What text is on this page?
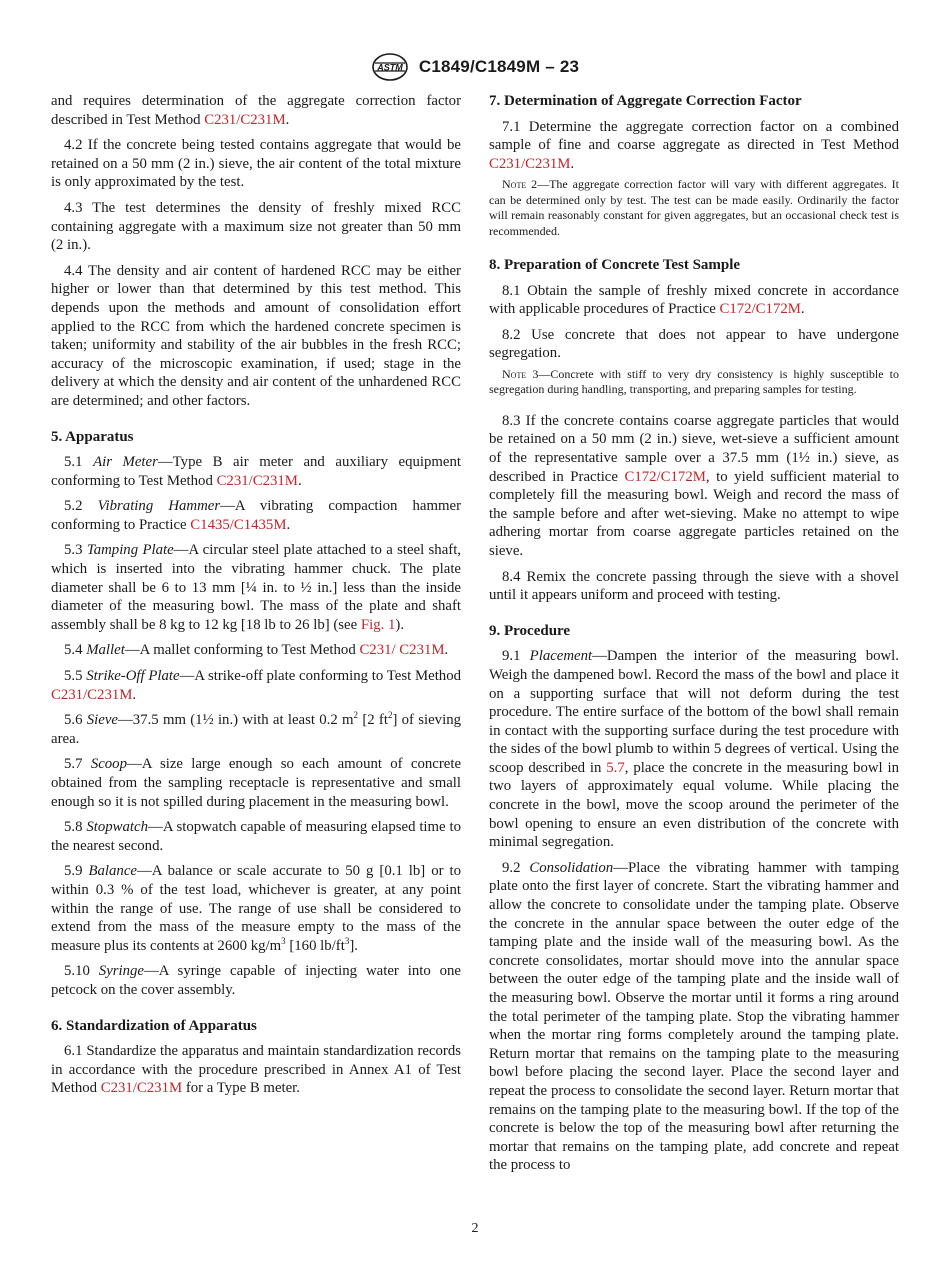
ASTM C1849/C1849M – 23

and requires determination of the aggregate correction factor described in Test Method C231/C231M.

4.2 If the concrete being tested contains aggregate that would be retained on a 50 mm (2 in.) sieve, the air content of the total mixture is only approximated by the test.

4.3 The test determines the density of freshly mixed RCC containing aggregate with a maximum size not greater than 50 mm (2 in.).

4.4 The density and air content of hardened RCC may be either higher or lower than that determined by this test method. This depends upon the methods and amount of consolidation effort applied to the RCC from which the hardened concrete specimen is taken; uniformity and stability of the air bubbles in the fresh RCC; accuracy of the microscopic examination, if used; stage in the delivery at which the density and air content of the unhardened RCC are determined; and other factors.

5. Apparatus

5.1 Air Meter—Type B air meter and auxiliary equipment conforming to Test Method C231/C231M.

5.2 Vibrating Hammer—A vibrating compaction hammer conforming to Practice C1435/C1435M.

5.3 Tamping Plate—A circular steel plate attached to a steel shaft, which is inserted into the vibrating hammer chuck. The plate diameter shall be 6 to 13 mm [¼ in. to ½ in.] less than the inside diameter of the measuring bowl. The mass of the plate and shaft assembly shall be 8 kg to 12 kg [18 lb to 26 lb] (see Fig. 1).

5.4 Mallet—A mallet conforming to Test Method C231/ C231M.

5.5 Strike-Off Plate—A strike-off plate conforming to Test Method C231/C231M.

5.6 Sieve—37.5 mm (1½ in.) with at least 0.2 $m^2$ [2 $ft^2$] of sieving area.

5.7 Scoop—A size large enough so each amount of concrete obtained from the sampling receptacle is representative and small enough so it is not spilled during placement in the measuring bowl.

5.8 Stopwatch—A stopwatch capable of measuring elapsed time to the nearest second.

5.9 Balance—A balance or scale accurate to 50 g [0.1 lb] or to within 0.3 % of the test load, whichever is greater, at any point within the range of use. The range of use shall be considered to extend from the mass of the measure empty to the mass of the measure plus its contents at 2600 $kg/m^3$ [160 $lb/ft^3$].

5.10 Syringe—A syringe capable of injecting water into one petcock on the cover assembly.

6. Standardization of Apparatus

6.1 Standardize the apparatus and maintain standardization records in accordance with the procedure prescribed in Annex A1 of Test Method C231/C231M for a Type B meter.

7. Determination of Aggregate Correction Factor

7.1 Determine the aggregate correction factor on a combined sample of fine and coarse aggregate as directed in Test Method C231/C231M.

Note 2—The aggregate correction factor will vary with different aggregates. It can be determined only by test. The test can be made easily. Ordinarily the factor will remain reasonably constant for given aggregates, but an occasional check test is recommended.

8. Preparation of Concrete Test Sample

8.1 Obtain the sample of freshly mixed concrete in accordance with applicable procedures of Practice C172/C172M.

8.2 Use concrete that does not appear to have undergone segregation.

Note 3—Concrete with stiff to very dry consistency is highly susceptible to segregation during handling, transporting, and preparing samples for testing.

8.3 If the concrete contains coarse aggregate particles that would be retained on a 50 mm (2 in.) sieve, wet-sieve a sufficient amount of the representative sample over a 37.5 mm (1½ in.) sieve, as described in Practice C172/C172M, to yield sufficient material to completely fill the measuring bowl. Weigh and record the mass of the sample before and after wet-sieving. Make no attempt to wipe adhering mortar from coarse aggregate particles retained on the sieve.

8.4 Remix the concrete passing through the sieve with a shovel until it appears uniform and proceed with testing.

9. Procedure

9.1 Placement—Dampen the interior of the measuring bowl. Weigh the dampened bowl. Record the mass of the bowl and place it on a supporting surface that will not deform during the test procedure. The entire surface of the bottom of the bowl shall remain in contact with the supporting surface during the test procedure with the sides of the bowl plumb to within 5 degrees of vertical. Using the scoop described in 5.7, place the concrete in the measuring bowl in two layers of approximately equal volume. While placing the concrete in the bowl, move the scoop around the perimeter of the bowl opening to ensure an even distribution of the concrete with minimal segregation.

9.2 Consolidation—Place the vibrating hammer with tamping plate onto the first layer of concrete. Start the vibrating hammer and allow the concrete to consolidate under the tamping plate. Observe the concrete in the annular space between the outer edge of the tamping plate and the inside wall of the measuring bowl. As the concrete consolidates, mortar should move into the annular space between the outer edge of the tamping plate and the inside wall of the measuring bowl. Observe the mortar until it forms a ring around the total perimeter of the tamping plate. Stop the vibrating hammer when the mortar ring forms completely around the tamping plate. Return mortar that remains on the tamping plate to the measuring bowl before placing the second layer. Place the second layer and repeat the process to consolidate the second layer. Return mortar that remains on the tamping plate to the measuring bowl. If the top of the concrete is below the top of the measuring bowl after returning the mortar that remains on the tamping plate, add concrete and repeat the process to

2
